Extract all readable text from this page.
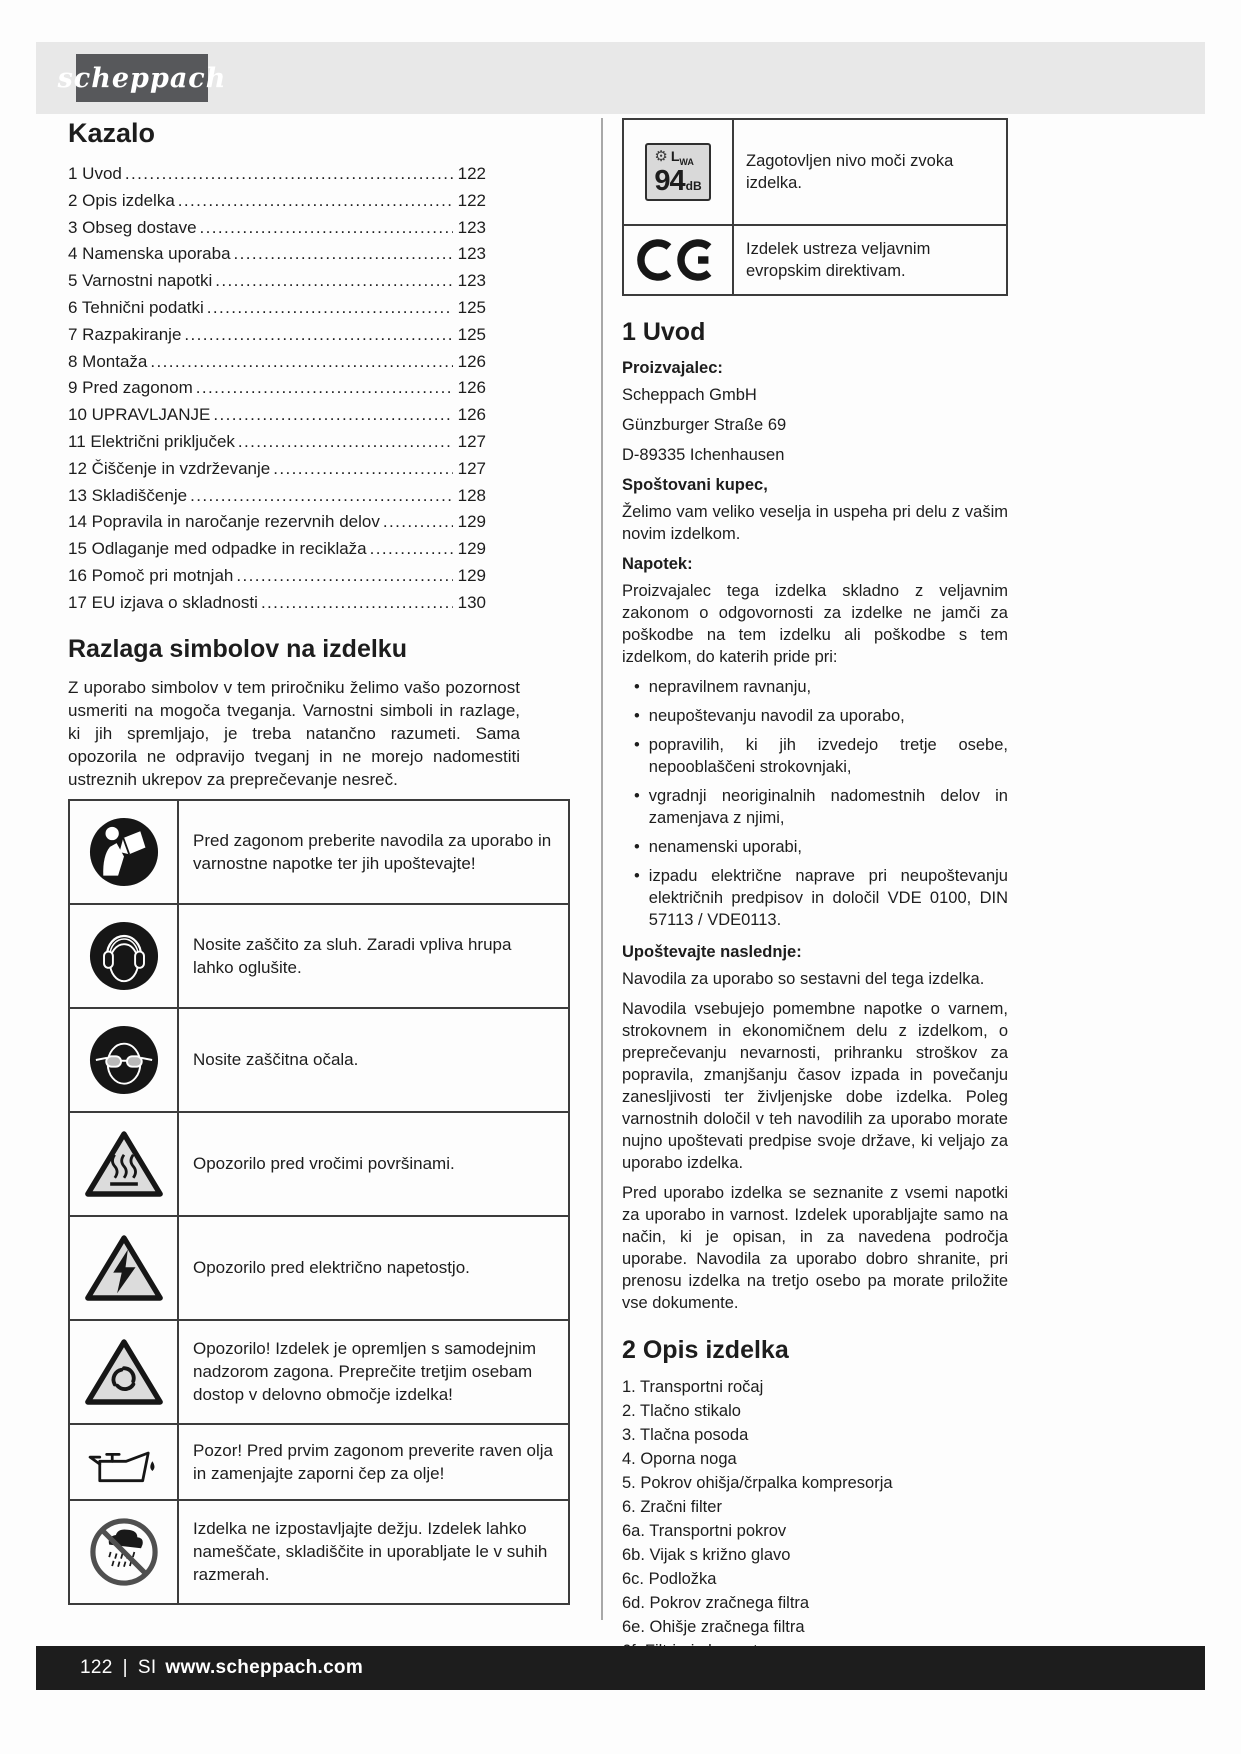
scheppach
Kazalo
1 Uvod .....	122
2 Opis izdelka .....	122
3 Obseg dostave .....	123
4 Namenska uporaba .....	123
5 Varnostni napotki .....	123
6 Tehnični podatki .....	125
7 Razpakiranje .....	125
8 Montaža .....	126
9 Pred zagonom .....	126
10 UPRAVLJANJE .....	126
11 Električni priključek .....	127
12 Čiščenje in vzdrževanje .....	127
13 Skladiščenje .....	128
14 Popravila in naročanje rezervnih delov .....	129
15 Odlaganje med odpadke in reciklaža .....	129
16 Pomoč pri motnjah .....	129
17 EU izjava o skladnosti .....	130
Razlaga simbolov na izdelku

Z uporabo simbolov v tem priročniku želimo vašo pozornost usmeriti na mogoča tveganja. Varnostni simboli in razlage, ki jih spremljajo, je treba natančno razumeti. Sama opozorila ne odpravijo tveganj in ne morejo nadomestiti ustreznih ukrepov za preprečevanje nesreč.

	Pred zagonom preberite navodila za uporabo in varnostne napotke ter jih upoštevajte!

	Nosite zaščito za sluh. Zaradi vpliva hrupa lahko oglušite.

	Nosite zaščitna očala.

	Opozorilo pred vročimi površinami.

	Opozorilo pred električno napetostjo.

	Opozorilo! Izdelek je opremljen s samodejnim nadzorom zagona. Preprečite tretjim osebam dostop v delovno območje izdelka!

	Pozor! Pred prvim zagonom preverite raven olja in zamenjajte zaporni čep za olje!

	Izdelka ne izpostavljajte dežju. Izdelek lahko nameščate, skladiščite in uporabljate le v suhih razmerah.
⚙ $L_{WA}$
94 dB	Zagotovljen nivo moči zvoka izdelka.

	Izdelek ustreza veljavnim evropskim direktivam.
1 Uvod

Proizvajalec:

Scheppach GmbH

Günzburger Straße 69

D-89335 Ichenhausen

Spoštovani kupec,

Želimo vam veliko veselja in uspeha pri delu z vašim novim izdelkom.

Napotek:

Proizvajalec tega izdelka skladno z veljavnim zakonom o odgovornosti za izdelke ne jamči za poškodbe na tem izdelku ali poškodbe s tem izdelkom, do katerih pride pri:

• nepravilnem ravnanju,
• neupoštevanju navodil za uporabo,
• popravilih, ki jih izvedejo tretje osebe, nepooblaščeni strokovnjaki,
• vgradnji neoriginalnih nadomestnih delov in zamenjava z njimi,
• nenamenski uporabi,
• izpadu električne naprave pri neupoštevanju električnih predpisov in določil VDE 0100, DIN 57113 / VDE0113.

Upoštevajte naslednje:

Navodila za uporabo so sestavni del tega izdelka.

Navodila vsebujejo pomembne napotke o varnem, strokovnem in ekonomičnem delu z izdelkom, o preprečevanju nevarnosti, prihranku stroškov za popravila, zmanjšanju časov izpada in povečanju zanesljivosti ter življenjske dobe izdelka. Poleg varnostnih določil v teh navodilih za uporabo morate nujno upoštevati predpise svoje države, ki veljajo za uporabo izdelka.

Pred uporabo izdelka se seznanite z vsemi napotki za uporabo in varnost. Izdelek uporabljajte samo na način, ki je opisan, in za navedena področja uporabe. Navodila za uporabo dobro shranite, pri prenosu izdelka na tretjo osebo pa morate priložite vse dokumente.

2 Opis izdelka
1. Transportni ročaj
2. Tlačno stikalo
3. Tlačna posoda
4. Oporna noga
5. Pokrov ohišja/črpalka kompresorja
6. Zračni filter
6a. Transportni pokrov
6b. Vijak s križno glavo
6c. Podložka
6d. Pokrov zračnega filtra
6e. Ohišje zračnega filtra
122 | SI www.scheppach.com
